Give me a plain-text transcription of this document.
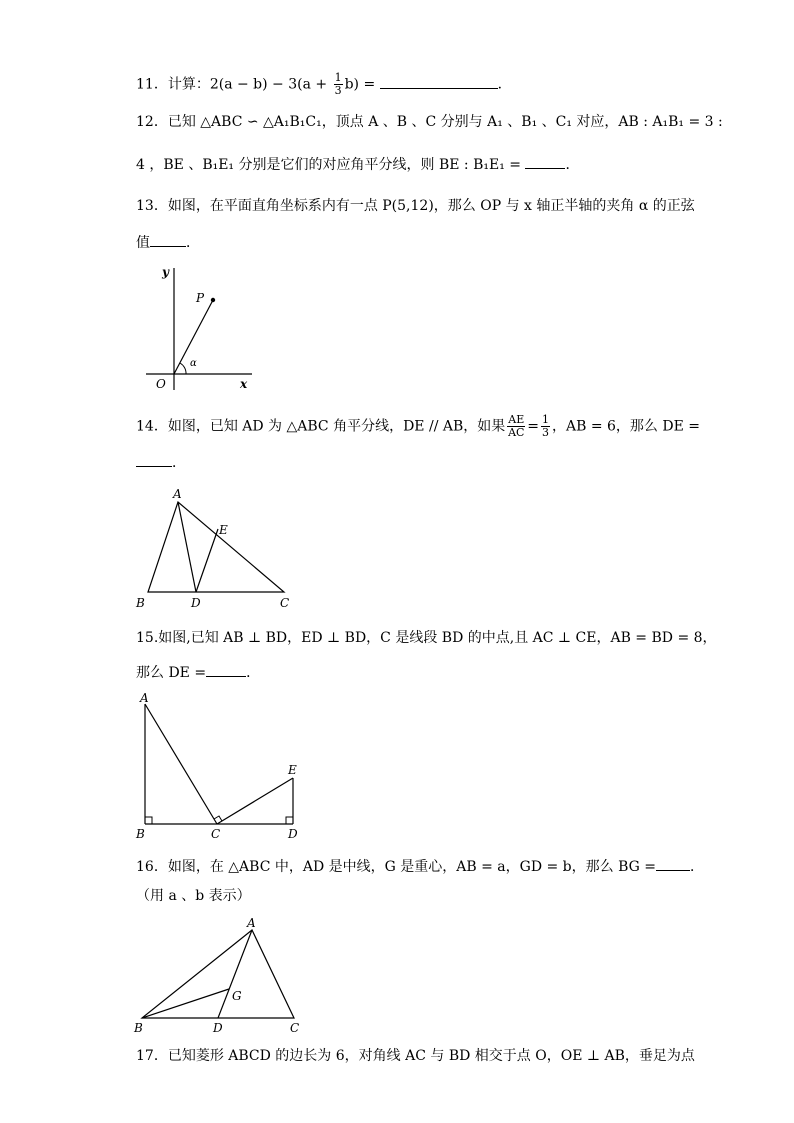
11．计算：$2(a - b) - 3(a + \frac{1}{3} b)$ =	．
12．已知 △ABC ∽ △A₁B₁C₁，顶点 A 、B 、C 分别与 A₁ 、B₁ 、C₁ 对应，AB : A₁B₁ = 3 :
4 ，BE 、B₁E₁ 分别是它们的对应角平分线，则 BE : B₁E₁ =	．
13．如图，在平面直角坐标系内有一点 P(5,12)，那么 OP 与 x 轴正半轴的夹角 α 的正弦
值	．
y
x
O
P
α
14．如图，已知 AD 为 △ABC 角平分线，DE // AB，如果 $\frac{AE}{AC} = \frac{1}{3}$ ，AB = 6，那么 DE =
．
A
B	C
D
E
15.如图,已知 AB ⊥ BD，ED ⊥ BD，C 是线段 BD 的中点,且 AC ⊥ CE，AB = BD = 8，
那么 DE =	．
A
B	C	D
E
16．如图，在 △ABC 中，AD 是中线，G 是重心，AB = a，GD = b，那么 BG = ．
（用 a 、b 表示）
A
B	C
D
G
17．已知菱形 ABCD 的边长为 6，对角线 AC 与 BD 相交于点 O，OE ⊥ AB，垂足为点
